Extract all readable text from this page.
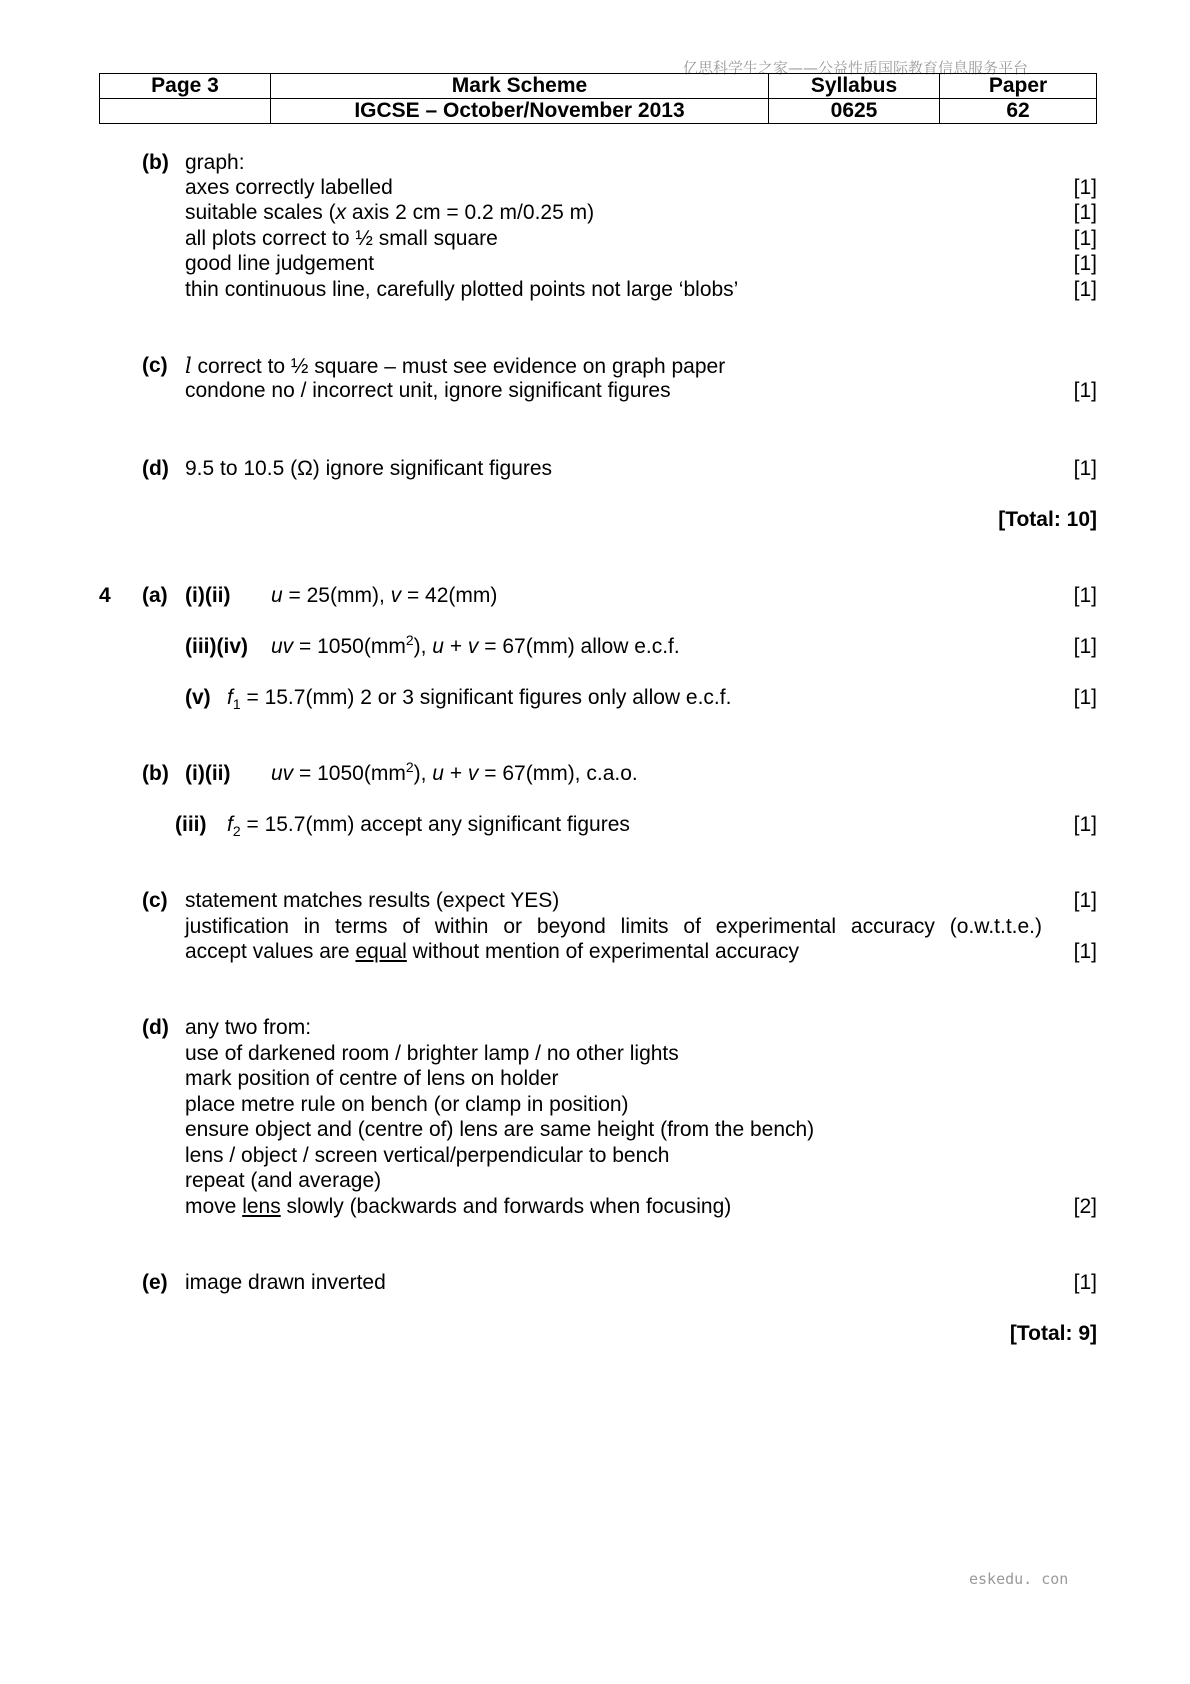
亿思科学生之家——公益性质国际教育信息服务平台
Page 3	Mark Scheme	Syllabus	Paper
	IGCSE – October/November 2013	0625	62
(b) graph:
axes correctly labelled	[1]
suitable scales (x axis 2 cm = 0.2 m/0.25 m)	[1]
all plots correct to ½ small square	[1]
good line judgement	[1]
thin continuous line, carefully plotted points not large ‘blobs’	[1]
(c) l correct to ½ square – must see evidence on graph paper
condone no / incorrect unit, ignore significant figures	[1]
(d) 9.5 to 10.5 (Ω) ignore significant figures	[1]
[Total: 10]
4 (a) (i)(ii) u = 25(mm), v = 42(mm)	[1]
(iii)(iv) uv = $1050(mm^2)$, u + v = 67(mm) allow e.c.f.	[1]
(v) $f_1 = 15.7(mm)$ 2 or 3 significant figures only allow e.c.f.	[1]
(b) (i)(ii) uv = $1050(mm^2)$, u + v = 67(mm), c.a.o.
(iii) $f_2 = 15.7(mm)$ accept any significant figures	[1]
(c) statement matches results (expect YES)	[1]
justification in terms of within or beyond limits of experimental accuracy (o.w.t.t.e.)
accept values are equal without mention of experimental accuracy	[1]
(d) any two from:
use of darkened room / brighter lamp / no other lights
mark position of centre of lens on holder
place metre rule on bench (or clamp in position)
ensure object and (centre of) lens are same height (from the bench)
lens / object / screen vertical/perpendicular to bench
repeat (and average)
move lens slowly (backwards and forwards when focusing)	[2]
(e) image drawn inverted	[1]
[Total: 9]
eskedu. con
